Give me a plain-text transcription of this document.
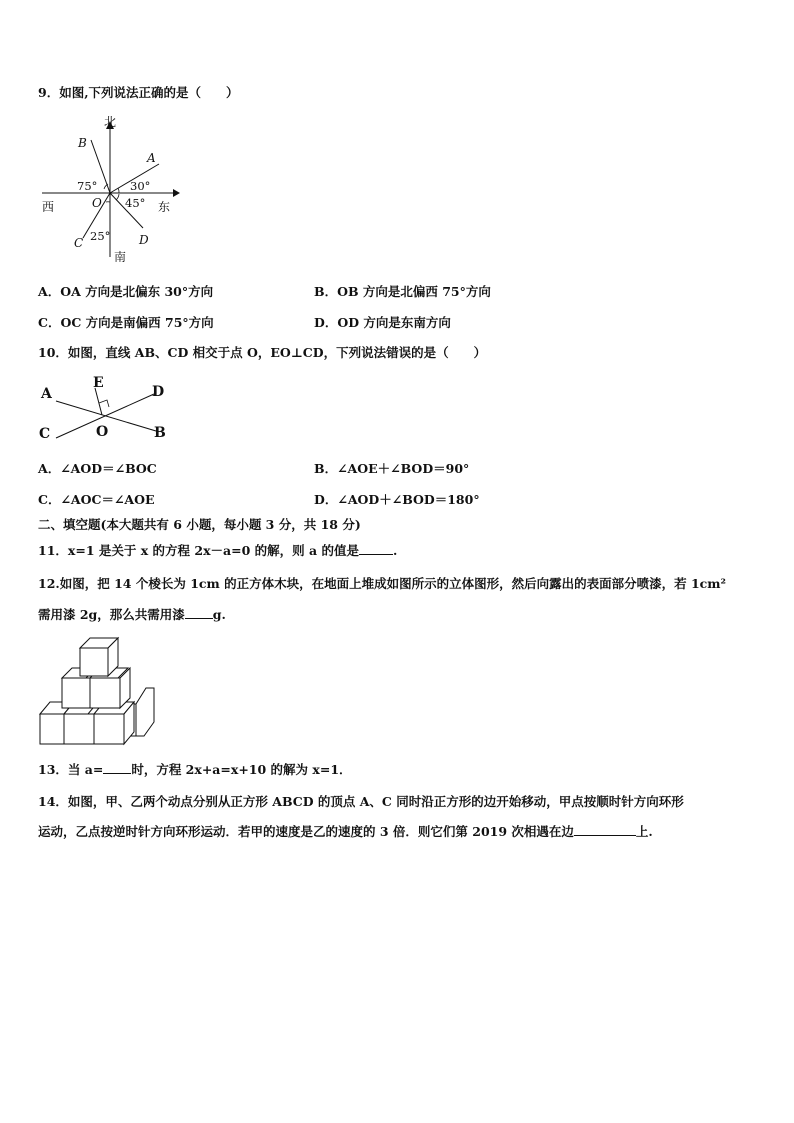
9．如图,下列说法正确的是（　　）
北
南
西	东
O
A
B
C	D
75°	30°
45°
25°
A．OA 方向是北偏东 30°方向	B．OB 方向是北偏西 75°方向
C．OC 方向是南偏西 75°方向	D．OD 方向是东南方向
10．如图，直线 AB、CD 相交于点 O，EO⊥CD，下列说法错误的是（　　）
A
B
C
D
E
O
A．∠AOD＝∠BOC	B．∠AOE＋∠BOD＝90°
C．∠AOC＝∠AOE	D．∠AOD＋∠BOD＝180°
二、填空题(本大题共有 6 小题，每小题 3 分，共 18 分)
11．x=1 是关于 x 的方程 2x－a=0 的解，则 a 的值是	.
12.如图，把 14 个棱长为 1cm 的正方体木块，在地面上堆成如图所示的立体图形，然后向露出的表面部分喷漆，若 1cm²
需用漆 2g，那么共需用漆 g.
13．当 a= 时，方程 2x+a=x+10 的解为 x=1．
14．如图，甲、乙两个动点分别从正方形 ABCD 的顶点 A、C 同时沿正方形的边开始移动，甲点按顺时针方向环形
运动，乙点按逆时针方向环形运动．若甲的速度是乙的速度的 3 倍．则它们第 2019 次相遇在边	上.
